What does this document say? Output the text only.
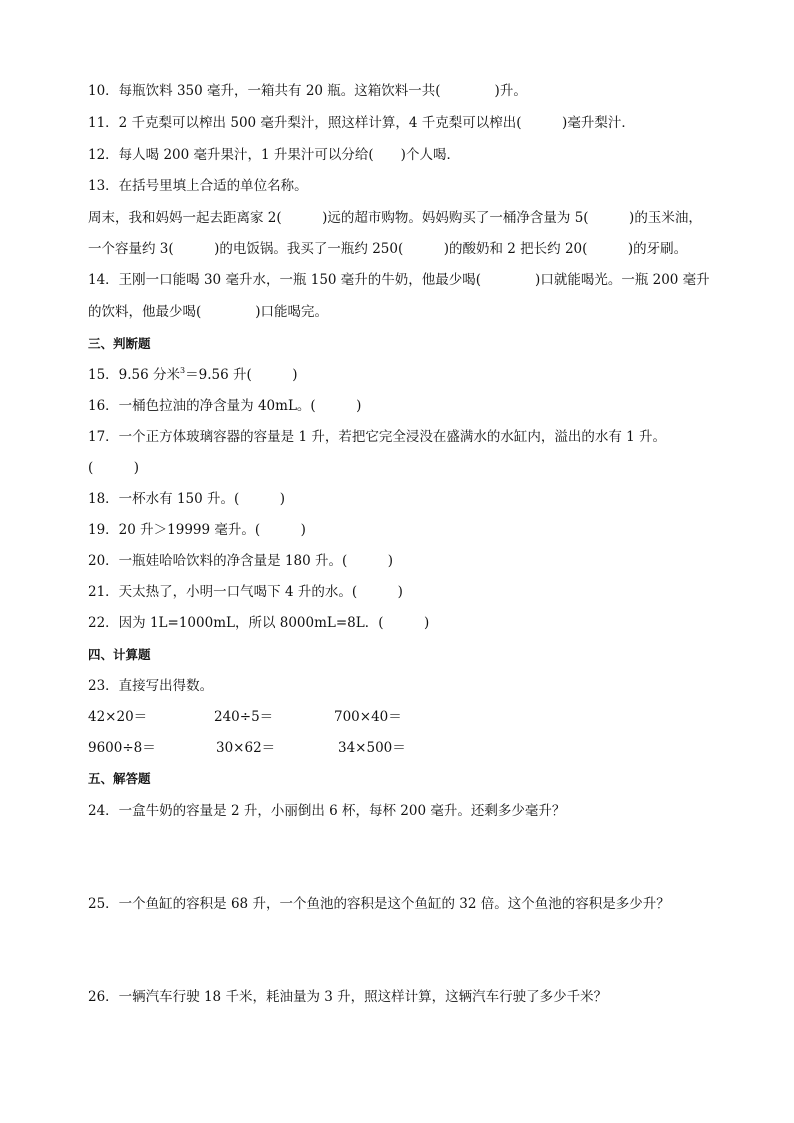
10．每瓶饮料 350 毫升，一箱共有 20 瓶。这箱饮料一共(　　　　)升。
11．2 千克梨可以榨出 500 毫升梨汁，照这样计算，4 千克梨可以榨出(　　　)毫升梨汁．
12．每人喝 200 毫升果汁，1 升果汁可以分给(　　)个人喝．
13．在括号里填上合适的单位名称。
周末，我和妈妈一起去距离家 2(　　　)远的超市购物。妈妈购买了一桶净含量为 5(　　　)的玉米油，
一个容量约 3(　　　)的电饭锅。我买了一瓶约 250(　　　)的酸奶和 2 把长约 20(　　　)的牙刷。
14．王刚一口能喝 30 毫升水，一瓶 150 毫升的牛奶，他最少喝(　　　　)口就能喝光。一瓶 200 毫升
的饮料，他最少喝(　　　　)口能喝完。
三、判断题
15．9.56 分米$^3$＝9.56 升(　　　)
16．一桶色拉油的净含量为 40mL。(　　　)
17．一个正方体玻璃容器的容量是 1 升，若把它完全浸没在盛满水的水缸内，溢出的水有 1 升。
(　　　)
18．一杯水有 150 升。(　　　)
19．20 升＞19999 毫升。(　　　)
20．一瓶娃哈哈饮料的净含量是 180 升。(　　　)
21．天太热了，小明一口气喝下 4 升的水。(　　　)
22．因为 1L=1000mL，所以 8000mL=8L．(　　　)
四、计算题
23．直接写出得数。
42×20＝	240÷5＝	700×40＝
9600÷8＝	30×62＝	34×500＝
五、解答题
24．一盒牛奶的容量是 2 升，小丽倒出 6 杯，每杯 200 毫升。还剩多少毫升？
25．一个鱼缸的容积是 68 升，一个鱼池的容积是这个鱼缸的 32 倍。这个鱼池的容积是多少升？
26．一辆汽车行驶 18 千米，耗油量为 3 升，照这样计算，这辆汽车行驶了多少千米？
